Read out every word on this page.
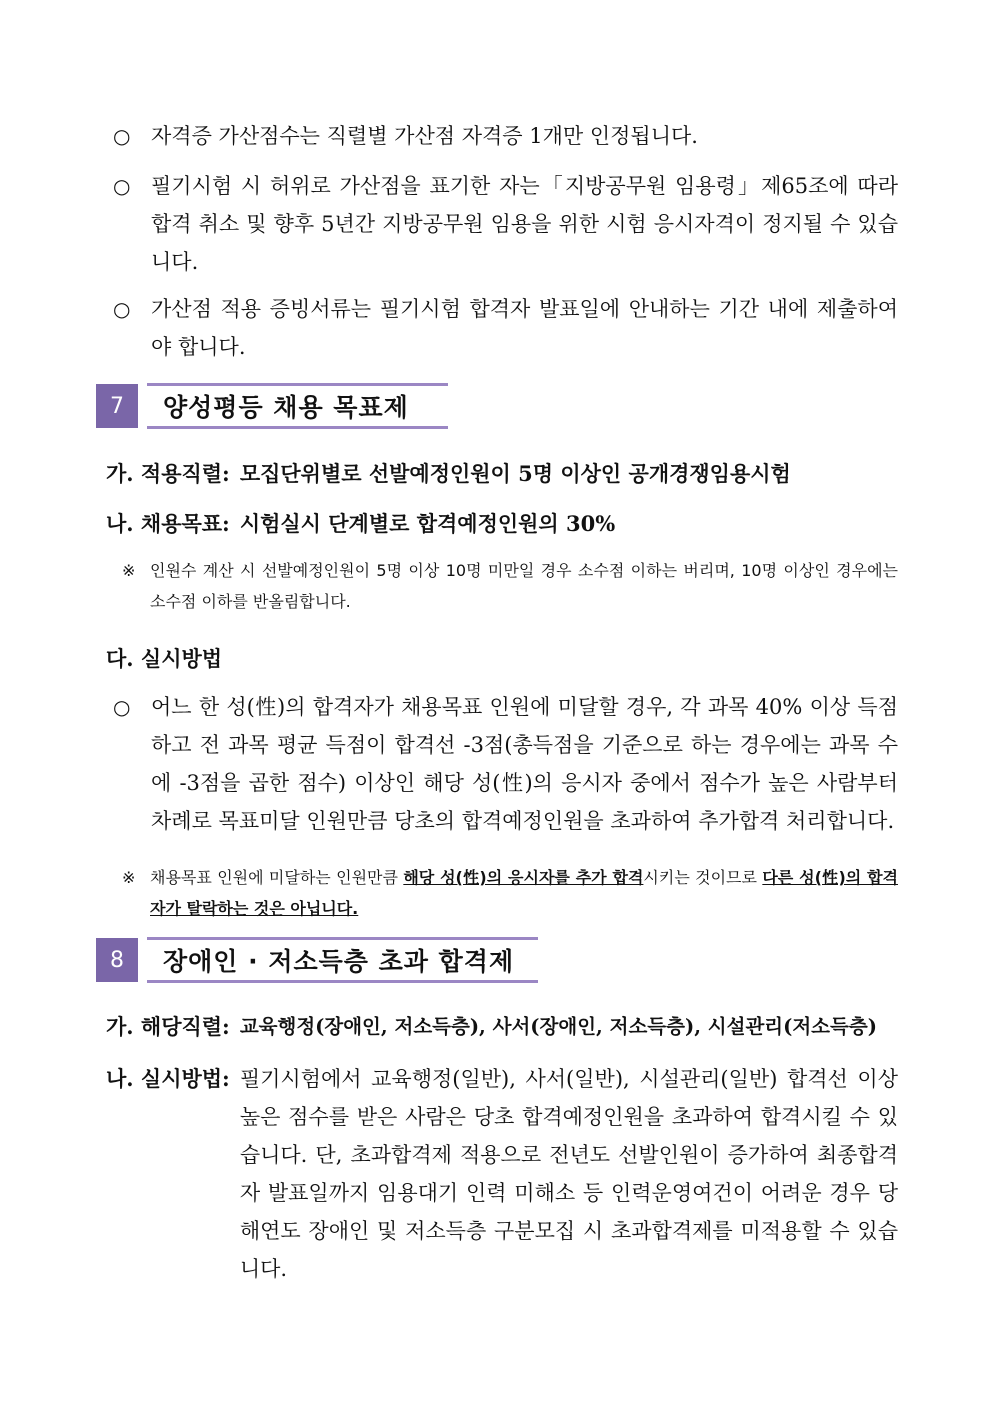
○ 자격증 가산점수는 직렬별 가산점 자격증 1개만 인정됩니다.
○ 필기시험 시 허위로 가산점을 표기한 자는「지방공무원 임용령」제65조에 따라 합격 취소 및 향후 5년간 지방공무원 임용을 위한 시험 응시자격이 정지될 수 있습니다.
○ 가산점 적용 증빙서류는 필기시험 합격자 발표일에 안내하는 기간 내에 제출하여야 합니다.
7	양성평등 채용 목표제
가. 적용직렬: 모집단위별로 선발예정인원이 5명 이상인 공개경쟁임용시험
나. 채용목표: 시험실시 단계별로 합격예정인원의 30%
※ 인원수 계산 시 선발예정인원이 5명 이상 10명 미만일 경우 소수점 이하는 버리며, 10명 이상인 경우에는 소수점 이하를 반올림합니다.
다. 실시방법
○ 어느 한 성(性)의 합격자가 채용목표 인원에 미달할 경우, 각 과목 40% 이상 득점하고 전 과목 평균 득점이 합격선 -3점(총득점을 기준으로 하는 경우에는 과목 수에 -3점을 곱한 점수) 이상인 해당 성(性)의 응시자 중에서 점수가 높은 사람부터 차례로 목표미달 인원만큼 당초의 합격예정인원을 초과하여 추가합격 처리합니다.
※ 채용목표 인원에 미달하는 인원만큼 해당 성(性)의 응시자를 추가 합격시키는 것이므로 다른 성(性)의 합격자가 탈락하는 것은 아닙니다.
8	장애인 · 저소득층 초과 합격제
가. 해당직렬: 교육행정(장애인, 저소득층), 사서(장애인, 저소득층), 시설관리(저소득층)
나. 실시방법: 필기시험에서 교육행정(일반), 사서(일반), 시설관리(일반) 합격선 이상 높은 점수를 받은 사람은 당초 합격예정인원을 초과하여 합격시킬 수 있습니다. 단, 초과합격제 적용으로 전년도 선발인원이 증가하여 최종합격자 발표일까지 임용대기 인력 미해소 등 인력운영여건이 어려운 경우 당해연도 장애인 및 저소득층 구분모집 시 초과합격제를 미적용할 수 있습니다.
